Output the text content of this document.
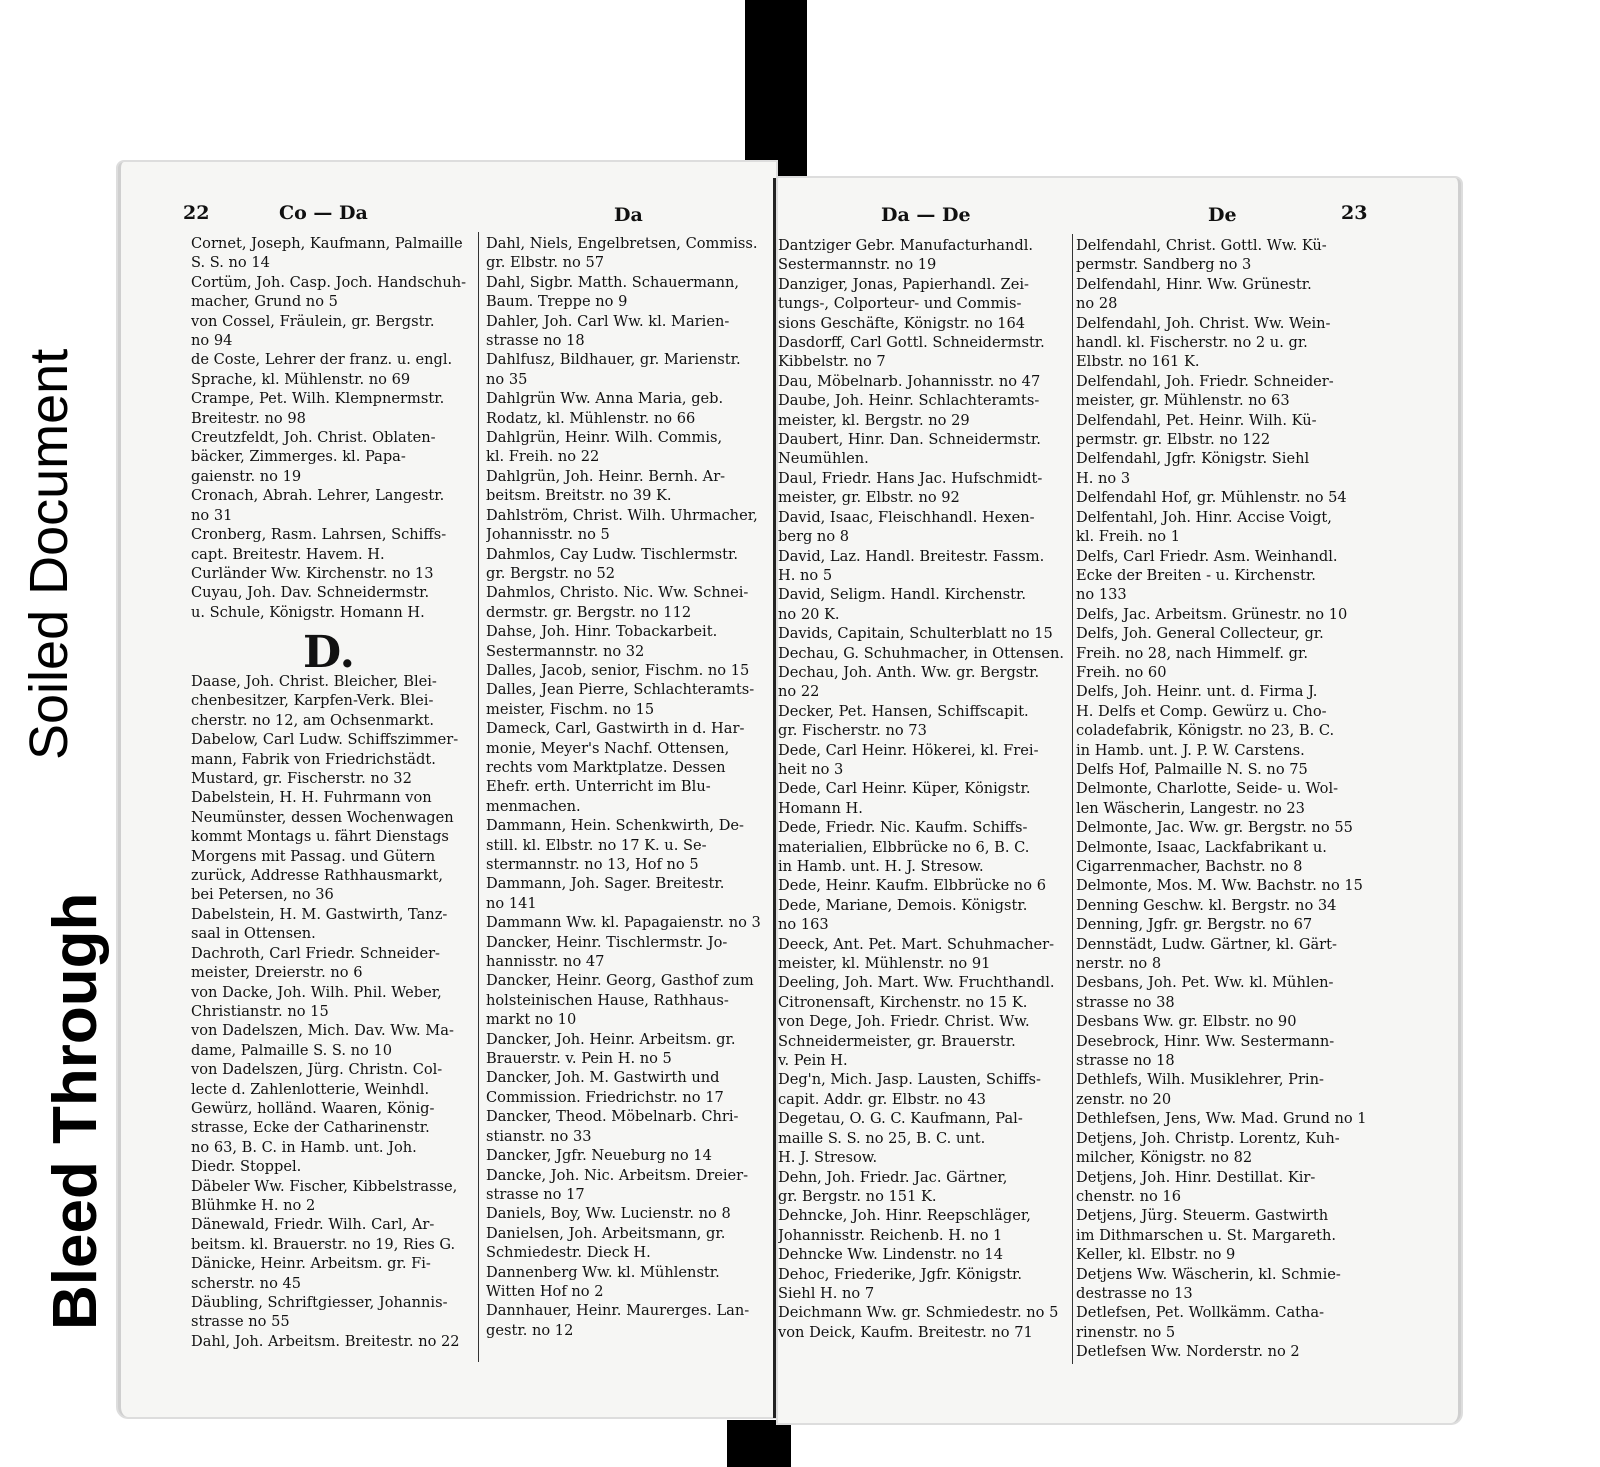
Soiled Document
Bleed Through
22	Co — Da	Da

Cornet, Joseph, Kaufmann, Palmaille

S. S. no 14

Cortüm, Joh. Casp. Joch. Handschuh-

macher, Grund no 5

von Cossel, Fräulein, gr. Bergstr.

no 94

de Coste, Lehrer der franz. u. engl.

Sprache, kl. Mühlenstr. no 69

Crampe, Pet. Wilh. Klempnermstr.

Breitestr. no 98

Creutzfeldt, Joh. Christ. Oblaten-

bäcker, Zimmerges. kl. Papa-

gaienstr. no 19

Cronach, Abrah. Lehrer, Langestr.

no 31

Cronberg, Rasm. Lahrsen, Schiffs-

capt. Breitestr. Havem. H.

Curländer Ww. Kirchenstr. no 13

Cuyau, Joh. Dav. Schneidermstr.

u. Schule, Königstr. Homann H.

D.

Daase, Joh. Christ. Bleicher, Blei-

chenbesitzer, Karpfen-Verk. Blei-

cherstr. no 12, am Ochsenmarkt.

Dabelow, Carl Ludw. Schiffszimmer-

mann, Fabrik von Friedrichstädt.

Mustard, gr. Fischerstr. no 32

Dabelstein, H. H. Fuhrmann von

Neumünster, dessen Wochenwagen

kommt Montags u. fährt Dienstags

Morgens mit Passag. und Gütern

zurück, Addresse Rathhausmarkt,

bei Petersen, no 36

Dabelstein, H. M. Gastwirth, Tanz-

saal in Ottensen.

Dachroth, Carl Friedr. Schneider-

meister, Dreierstr. no 6

von Dacke, Joh. Wilh. Phil. Weber,

Christianstr. no 15

von Dadelszen, Mich. Dav. Ww. Ma-

dame, Palmaille S. S. no 10

von Dadelszen, Jürg. Christn. Col-

lecte d. Zahlenlotterie, Weinhdl.

Gewürz, holländ. Waaren, König-

strasse, Ecke der Catharinenstr.

no 63, B. C. in Hamb. unt. Joh.

Diedr. Stoppel.

Däbeler Ww. Fischer, Kibbelstrasse,

Blühmke H. no 2

Dänewald, Friedr. Wilh. Carl, Ar-

beitsm. kl. Brauerstr. no 19, Ries G.

Dänicke, Heinr. Arbeitsm. gr. Fi-

scherstr. no 45

Däubling, Schriftgiesser, Johannis-

strasse no 55

Dahl, Joh. Arbeitsm. Breitestr. no 22

Dahl, Niels, Engelbretsen, Commiss.

gr. Elbstr. no 57

Dahl, Sigbr. Matth. Schauermann,

Baum. Treppe no 9

Dahler, Joh. Carl Ww. kl. Marien-

strasse no 18

Dahlfusz, Bildhauer, gr. Marienstr.

no 35

Dahlgrün Ww. Anna Maria, geb.

Rodatz, kl. Mühlenstr. no 66

Dahlgrün, Heinr. Wilh. Commis,

kl. Freih. no 22

Dahlgrün, Joh. Heinr. Bernh. Ar-

beitsm. Breitstr. no 39 K.

Dahlström, Christ. Wilh. Uhrmacher,

Johannisstr. no 5

Dahmlos, Cay Ludw. Tischlermstr.

gr. Bergstr. no 52

Dahmlos, Christo. Nic. Ww. Schnei-

dermstr. gr. Bergstr. no 112

Dahse, Joh. Hinr. Tobackarbeit.

Sestermannstr. no 32

Dalles, Jacob, senior, Fischm. no 15

Dalles, Jean Pierre, Schlachteramts-

meister, Fischm. no 15

Dameck, Carl, Gastwirth in d. Har-

monie, Meyer's Nachf. Ottensen,

rechts vom Marktplatze. Dessen

Ehefr. erth. Unterricht im Blu-

menmachen.

Dammann, Hein. Schenkwirth, De-

still. kl. Elbstr. no 17 K. u. Se-

stermannstr. no 13, Hof no 5

Dammann, Joh. Sager. Breitestr.

no 141

Dammann Ww. kl. Papagaienstr. no 3

Dancker, Heinr. Tischlermstr. Jo-

hannisstr. no 47

Dancker, Heinr. Georg, Gasthof zum

holsteinischen Hause, Rathhaus-

markt no 10

Dancker, Joh. Heinr. Arbeitsm. gr.

Brauerstr. v. Pein H. no 5

Dancker, Joh. M. Gastwirth und

Commission. Friedrichstr. no 17

Dancker, Theod. Möbelnarb. Chri-

stianstr. no 33

Dancker, Jgfr. Neueburg no 14

Dancke, Joh. Nic. Arbeitsm. Dreier-

strasse no 17

Daniels, Boy, Ww. Lucienstr. no 8

Danielsen, Joh. Arbeitsmann, gr.

Schmiedestr. Dieck H.

Dannenberg Ww. kl. Mühlenstr.

Witten Hof no 2

Dannhauer, Heinr. Maurerges. Lan-

gestr. no 12

Da — De	De	23

Dantziger Gebr. Manufacturhandl.

Sestermannstr. no 19

Danziger, Jonas, Papierhandl. Zei-

tungs-, Colporteur- und Commis-

sions Geschäfte, Königstr. no 164

Dasdorff, Carl Gottl. Schneidermstr.

Kibbelstr. no 7

Dau, Möbelnarb. Johannisstr. no 47

Daube, Joh. Heinr. Schlachteramts-

meister, kl. Bergstr. no 29

Daubert, Hinr. Dan. Schneidermstr.

Neumühlen.

Daul, Friedr. Hans Jac. Hufschmidt-

meister, gr. Elbstr. no 92

David, Isaac, Fleischhandl. Hexen-

berg no 8

David, Laz. Handl. Breitestr. Fassm.

H. no 5

David, Seligm. Handl. Kirchenstr.

no 20 K.

Davids, Capitain, Schulterblatt no 15

Dechau, G. Schuhmacher, in Ottensen.

Dechau, Joh. Anth. Ww. gr. Bergstr.

no 22

Decker, Pet. Hansen, Schiffscapit.

gr. Fischerstr. no 73

Dede, Carl Heinr. Hökerei, kl. Frei-

heit no 3

Dede, Carl Heinr. Küper, Königstr.

Homann H.

Dede, Friedr. Nic. Kaufm. Schiffs-

materialien, Elbbrücke no 6, B. C.

in Hamb. unt. H. J. Stresow.

Dede, Heinr. Kaufm. Elbbrücke no 6

Dede, Mariane, Demois. Königstr.

no 163

Deeck, Ant. Pet. Mart. Schuhmacher-

meister, kl. Mühlenstr. no 91

Deeling, Joh. Mart. Ww. Fruchthandl.

Citronensaft, Kirchenstr. no 15 K.

von Dege, Joh. Friedr. Christ. Ww.

Schneidermeister, gr. Brauerstr.

v. Pein H.

Deg'n, Mich. Jasp. Lausten, Schiffs-

capit. Addr. gr. Elbstr. no 43

Degetau, O. G. C. Kaufmann, Pal-

maille S. S. no 25, B. C. unt.

H. J. Stresow.

Dehn, Joh. Friedr. Jac. Gärtner,

gr. Bergstr. no 151 K.

Dehncke, Joh. Hinr. Reepschläger,

Johannisstr. Reichenb. H. no 1

Dehncke Ww. Lindenstr. no 14

Dehoc, Friederike, Jgfr. Königstr.

Siehl H. no 7

Deichmann Ww. gr. Schmiedestr. no 5

von Deick, Kaufm. Breitestr. no 71

Delfendahl, Christ. Gottl. Ww. Kü-

permstr. Sandberg no 3

Delfendahl, Hinr. Ww. Grünestr.

no 28

Delfendahl, Joh. Christ. Ww. Wein-

handl. kl. Fischerstr. no 2 u. gr.

Elbstr. no 161 K.

Delfendahl, Joh. Friedr. Schneider-

meister, gr. Mühlenstr. no 63

Delfendahl, Pet. Heinr. Wilh. Kü-

permstr. gr. Elbstr. no 122

Delfendahl, Jgfr. Königstr. Siehl

H. no 3

Delfendahl Hof, gr. Mühlenstr. no 54

Delfentahl, Joh. Hinr. Accise Voigt,

kl. Freih. no 1

Delfs, Carl Friedr. Asm. Weinhandl.

Ecke der Breiten - u. Kirchenstr.

no 133

Delfs, Jac. Arbeitsm. Grünestr. no 10

Delfs, Joh. General Collecteur, gr.

Freih. no 28, nach Himmelf. gr.

Freih. no 60

Delfs, Joh. Heinr. unt. d. Firma J.

H. Delfs et Comp. Gewürz u. Cho-

coladefabrik, Königstr. no 23, B. C.

in Hamb. unt. J. P. W. Carstens.

Delfs Hof, Palmaille N. S. no 75

Delmonte, Charlotte, Seide- u. Wol-

len Wäscherin, Langestr. no 23

Delmonte, Jac. Ww. gr. Bergstr. no 55

Delmonte, Isaac, Lackfabrikant u.

Cigarrenmacher, Bachstr. no 8

Delmonte, Mos. M. Ww. Bachstr. no 15

Denning Geschw. kl. Bergstr. no 34

Denning, Jgfr. gr. Bergstr. no 67

Dennstädt, Ludw. Gärtner, kl. Gärt-

nerstr. no 8

Desbans, Joh. Pet. Ww. kl. Mühlen-

strasse no 38

Desbans Ww. gr. Elbstr. no 90

Desebrock, Hinr. Ww. Sestermann-

strasse no 18

Dethlefs, Wilh. Musiklehrer, Prin-

zenstr. no 20

Dethlefsen, Jens, Ww. Mad. Grund no 1

Detjens, Joh. Christp. Lorentz, Kuh-

milcher, Königstr. no 82

Detjens, Joh. Hinr. Destillat. Kir-

chenstr. no 16

Detjens, Jürg. Steuerm. Gastwirth

im Dithmarschen u. St. Margareth.

Keller, kl. Elbstr. no 9

Detjens Ww. Wäscherin, kl. Schmie-

destrasse no 13

Detlefsen, Pet. Wollkämm. Catha-

rinenstr. no 5

Detlefsen Ww. Norderstr. no 2
